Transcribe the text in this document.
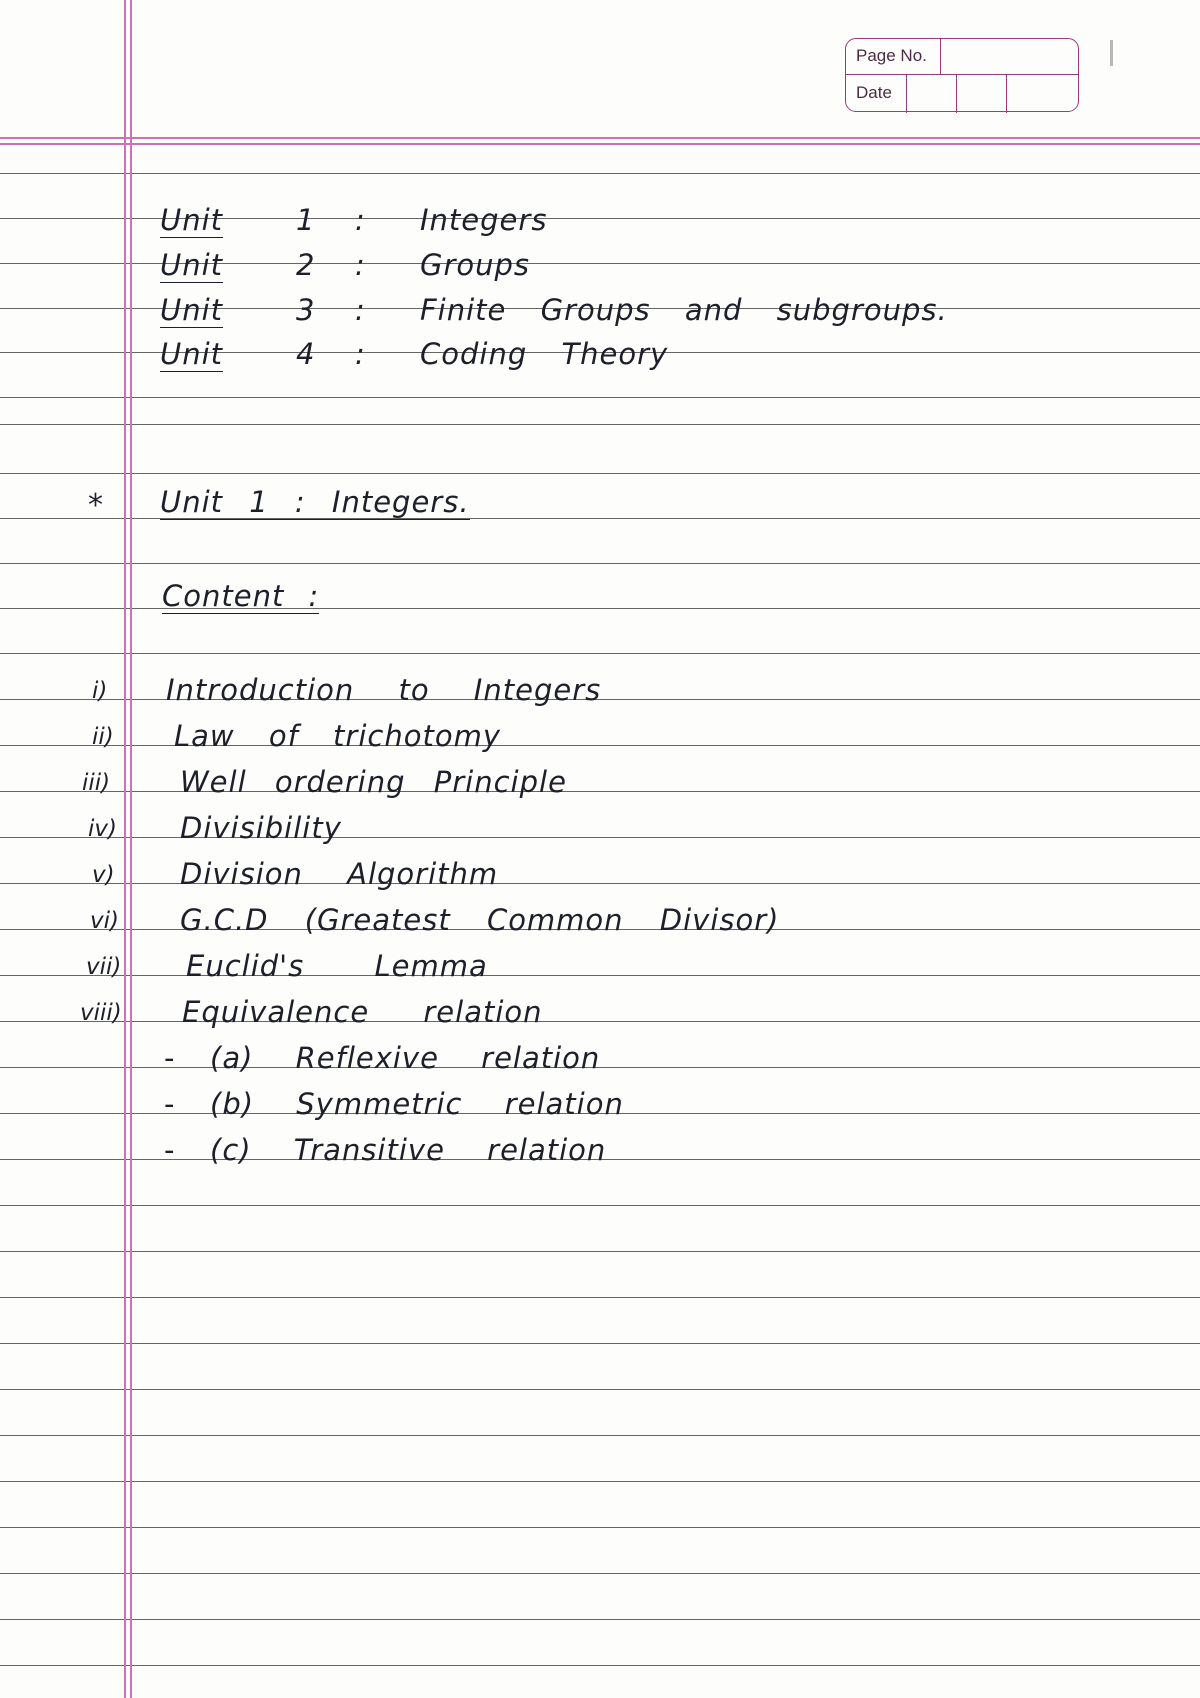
Page No.
Date
Unit	1 : Integers
Unit	2 : Groups
Unit	3 : Finite Groups and subgroups.
Unit	4 : Coding Theory
* Unit 1 : Integers.
Content :
i) Introduction to Integers
ii) Law of trichotomy
iii) Well ordering Principle
iv) Divisibility
v) Division Algorithm
vi) G.C.D (Greatest Common Divisor)
vii) Euclid's Lemma
viii) Equivalence relation
- (a) Reflexive relation
- (b) Symmetric relation
- (c) Transitive relation
